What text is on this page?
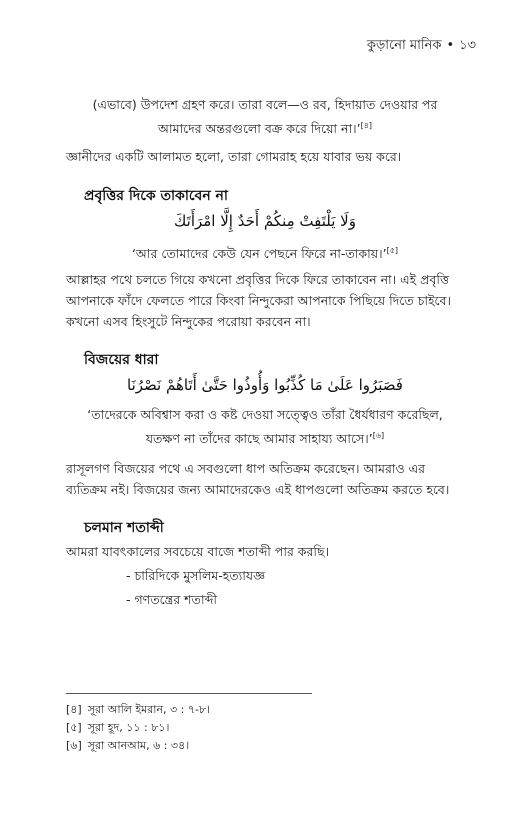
কুড়ানো মানিক • ১৩
(এভাবে) উপদেশ গ্রহণ করে। তারা বলে—ও রব, হিদায়াত দেওয়ার পর
আমাদের অন্তরগুলো বক্র করে দিয়ো না।’[৪]
জ্ঞানীদের একটি আলামত হলো, তারা গোমরাহ হয়ে যাবার ভয় করে।
প্রবৃত্তির দিকে তাকাবেন না
وَلَا يَلْتَفِتْ مِنكُمْ أَحَدٌ إِلَّا امْرَأَتَكَ
‘আর তোমাদের কেউ যেন পেছনে ফিরে না-তাকায়।’[৫]
আল্লাহর পথে চলতে গিয়ে কখনো প্রবৃত্তির দিকে ফিরে তাকাবেন না। এই প্রবৃত্তি
আপনাকে ফাঁদে ফেলতে পারে কিংবা নিন্দুকেরা আপনাকে পিছিয়ে দিতে চাইবে।
কখনো এসব হিংসুটে নিন্দুকের পরোয়া করবেন না।
বিজয়ের ধারা
فَصَبَرُوا عَلَىٰ مَا كُذِّبُوا وَأُوذُوا حَتَّىٰ أَتَاهُمْ نَصْرُنَا
‘তাদেরকে অবিশ্বাস করা ও কষ্ট দেওয়া সত্ত্বেও তাঁরা ধৈর্যধারণ করেছিল,
যতক্ষণ না তাঁদের কাছে আমার সাহায্য আসে।’[৬]
রাসূলগণ বিজয়ের পথে এ সবগুলো ধাপ অতিক্রম করেছেন। আমরাও এর
ব্যতিক্রম নই। বিজয়ের জন্য আমাদেরকেও এই ধাপগুলো অতিক্রম করতে হবে।
চলমান শতাব্দী
আমরা যাবৎকালের সবচেয়ে বাজে শতাব্দী পার করছি।
- চারিদিকে মুসলিম-হত্যাযজ্ঞ
- গণতন্ত্রের শতাব্দী
[৪] সূরা আলি ইমরান, ৩ : ৭-৮।
[৫] সূরা হূদ, ১১ : ৮১।
[৬] সূরা আনআম, ৬ : ৩৪।
